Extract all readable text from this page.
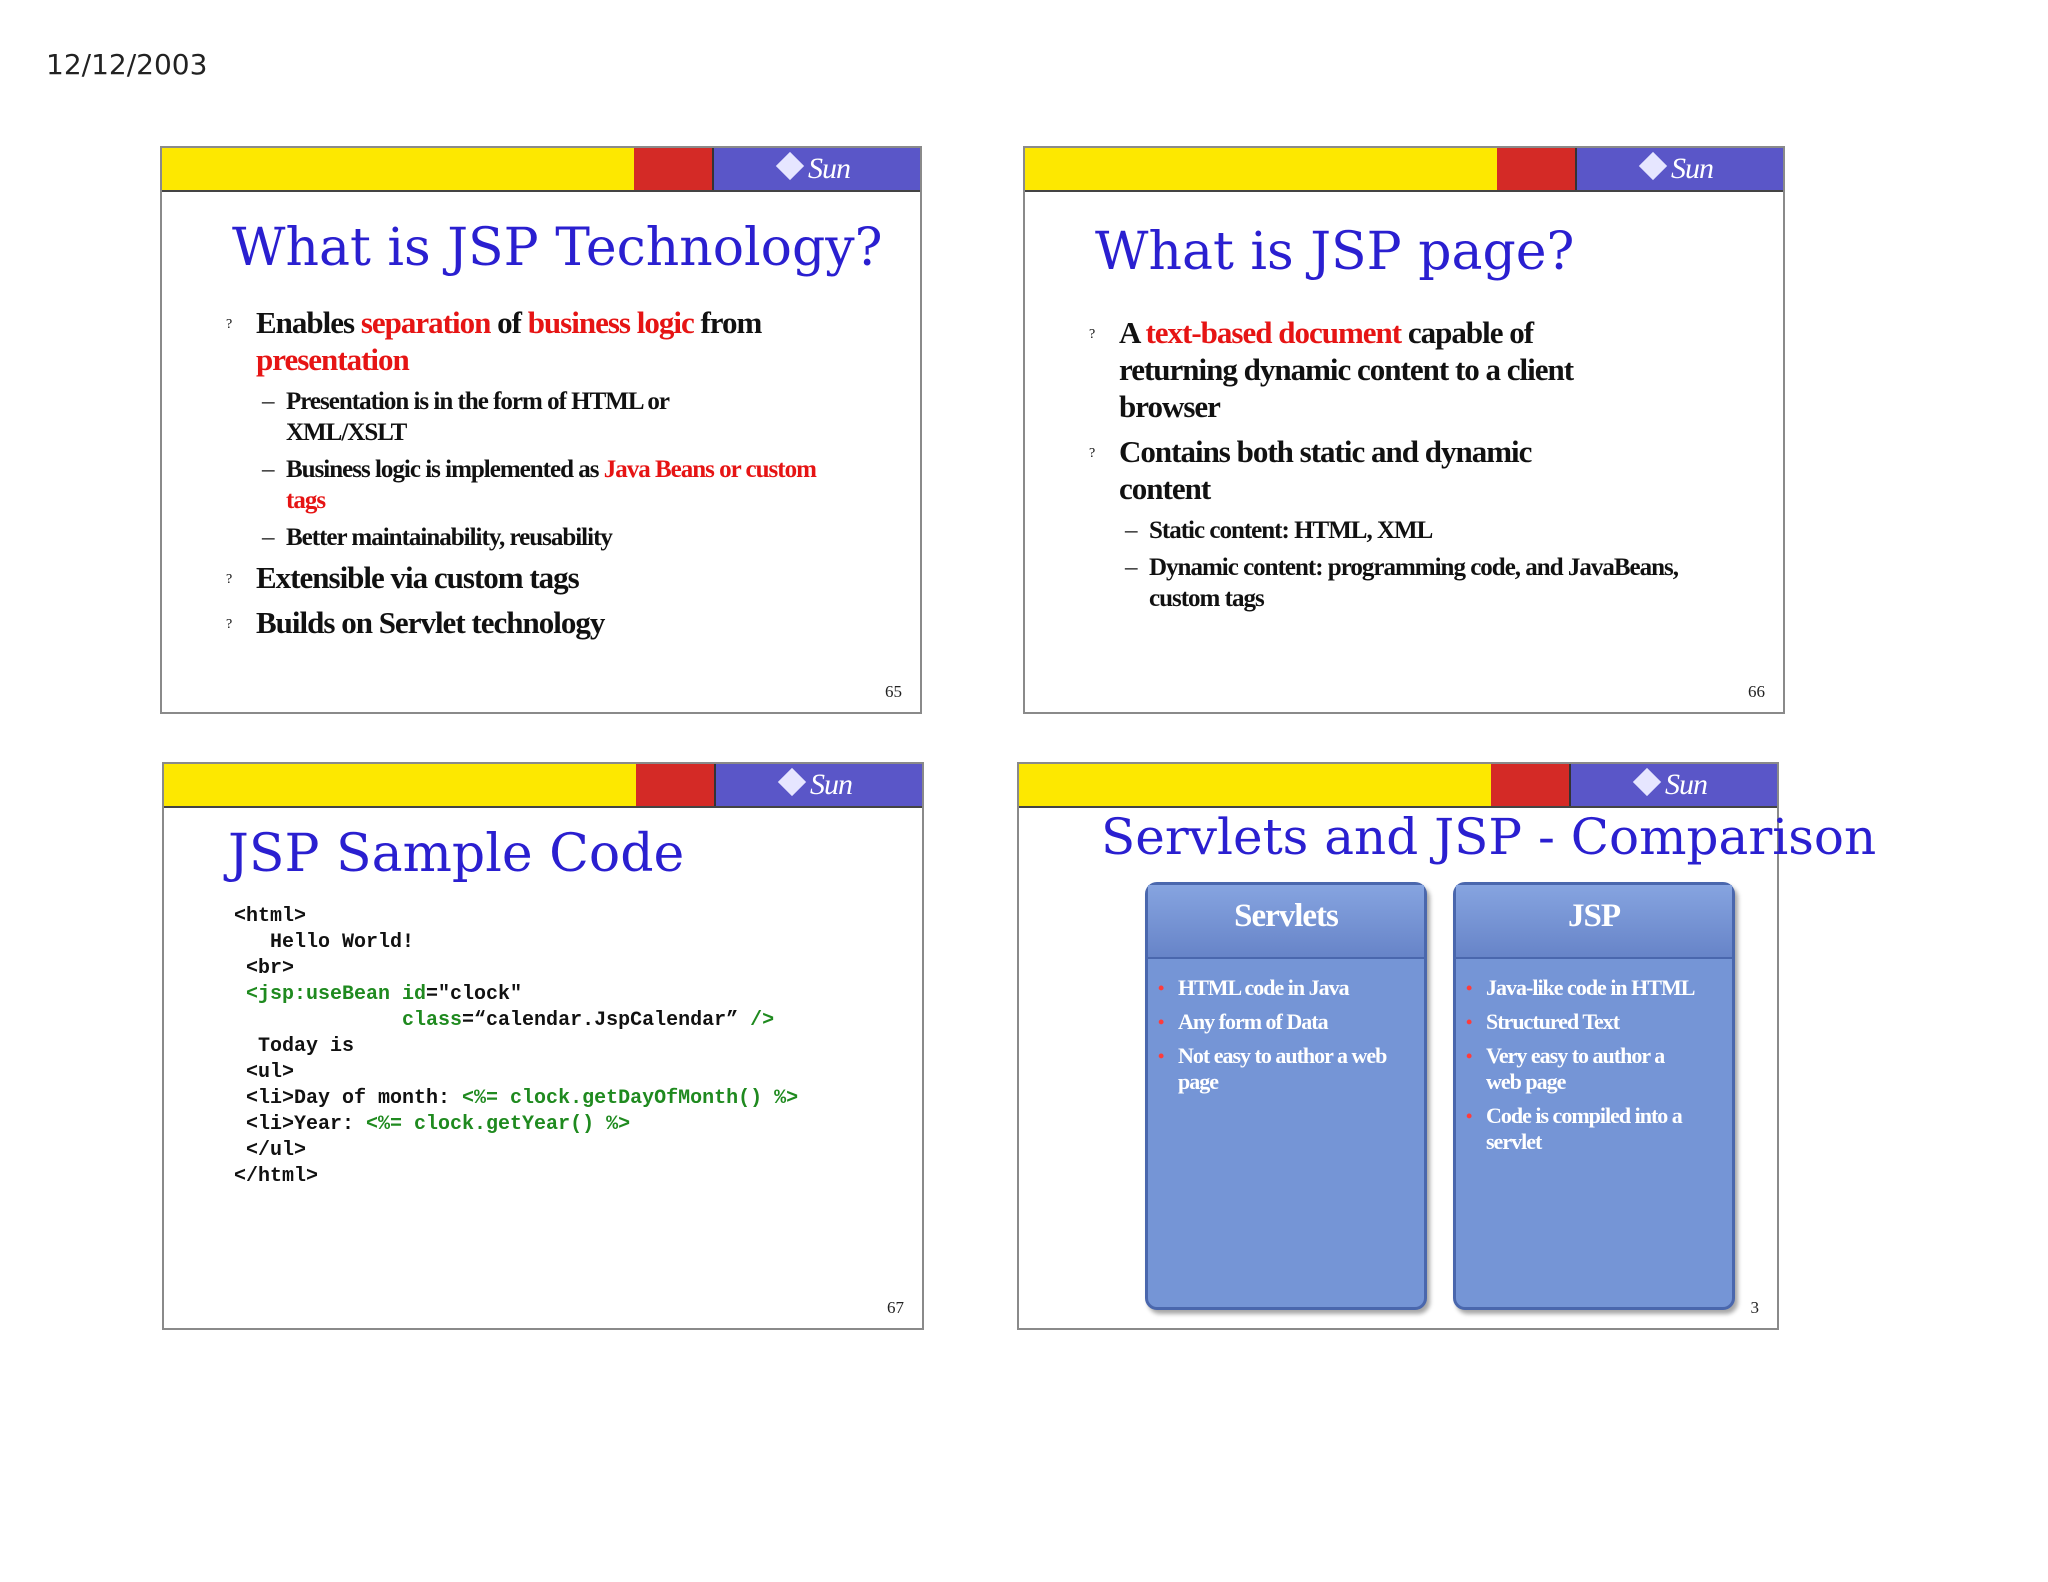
12/12/2003
Sun
What is JSP Technology?
? Enables separation of business logic from presentation
– Presentation is in the form of HTML or XML/XSLT
– Business logic is implemented as Java Beans or custom tags
– Better maintainability, reusability
? Extensible via custom tags
? Builds on Servlet technology
65
Sun
What is JSP page?
? A text-based document capable of returning dynamic content to a client browser
? Contains both static and dynamic content
– Static content: HTML, XML
– Dynamic content: programming code, and JavaBeans, custom tags
66
Sun
JSP Sample Code
<html>
Hello World!
<br>
<jsp:useBean id="clock"
class=“calendar.JspCalendar” />
Today is
<ul>
<li>Day of month: <%= clock.getDayOfMonth() %>
<li>Year: <%= clock.getYear() %>
</ul>
</html>
67
Sun
Servlets and JSP - Comparison
Servlets
• HTML code in Java
• Any form of Data
• Not easy to author a web page
JSP
• Java-like code in HTML
• Structured Text
• Very easy to author a web page
• Code is compiled into a servlet
3
